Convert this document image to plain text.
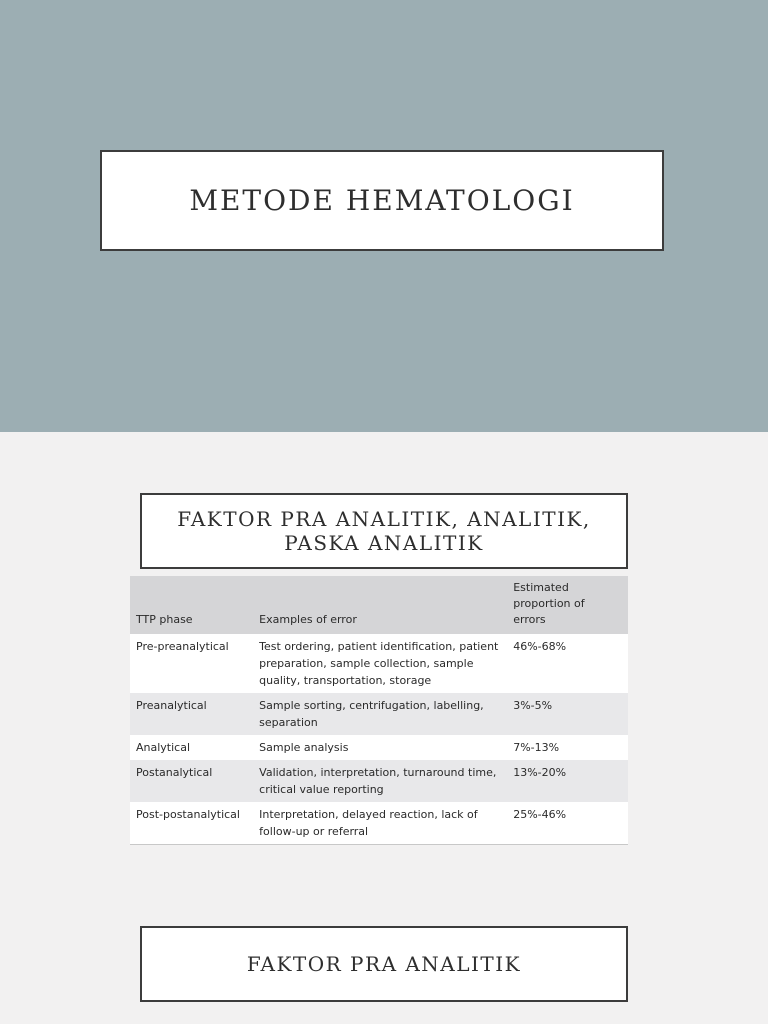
METODE HEMATOLOGI
FAKTOR PRA ANALITIK, ANALITIK, PASKA ANALITIK
TTP phase	Examples of error	Estimated
proportion of
errors
Pre-preanalytical	Test ordering, patient identification, patient preparation, sample collection, sample quality, transportation, storage	46%-68%
Preanalytical	Sample sorting, centrifugation, labelling, separation	3%-5%
Analytical	Sample analysis	7%-13%
Postanalytical	Validation, interpretation, turnaround time, critical value reporting	13%-20%
Post-postanalytical	Interpretation, delayed reaction, lack of follow-up or referral	25%-46%
FAKTOR PRA ANALITIK
